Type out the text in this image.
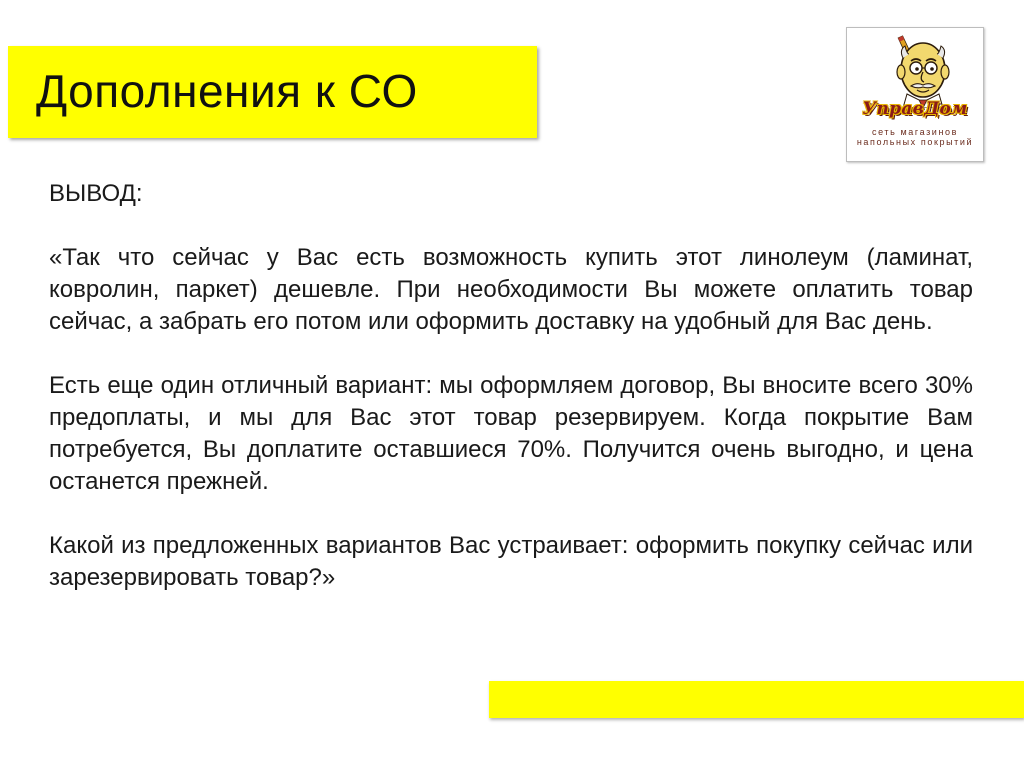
Дополнения к СО	УправДом
сеть магазинов
напольных покрытий

ВЫВОД:

«Так что сейчас у Вас есть возможность купить этот линолеум (ламинат, ковролин, паркет) дешевле. При необходимости Вы можете оплатить товар сейчас, а забрать его потом или оформить доставку на удобный для Вас день.

Есть еще один отличный вариант: мы оформляем договор, Вы вносите всего 30% предоплаты, и мы для Вас этот товар резервируем. Когда покрытие Вам потребуется, Вы доплатите оставшиеся 70%. Получится очень выгодно, и цена останется прежней.

Какой из предложенных вариантов Вас устраивает: оформить покупку сейчас или зарезервировать товар?»
